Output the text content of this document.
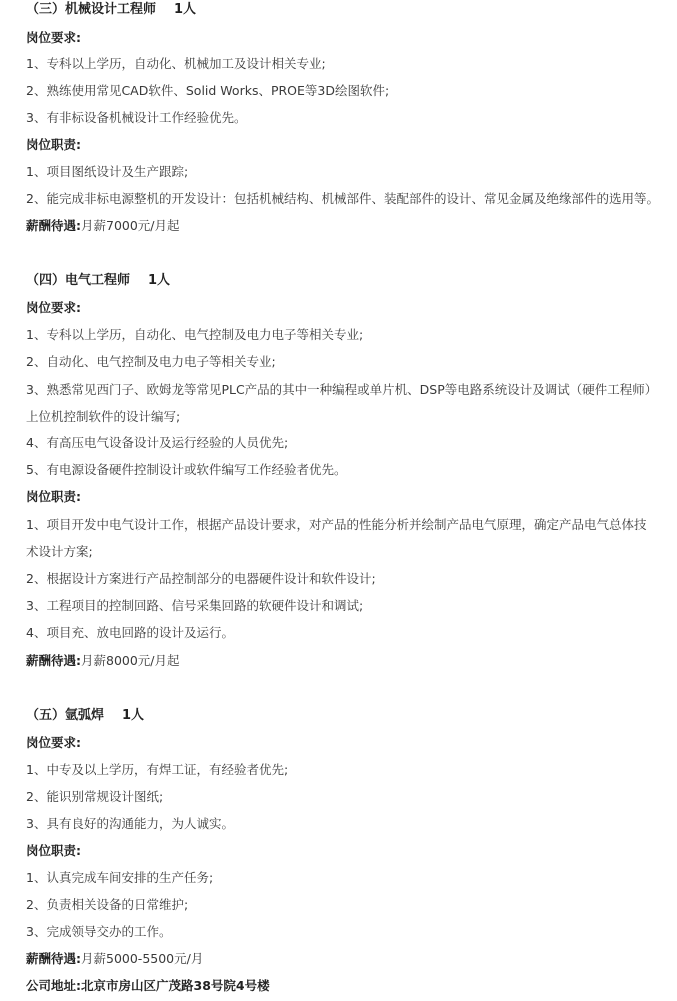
（三）机械设计工程师 1人
岗位要求:
1、专科以上学历，自动化、机械加工及设计相关专业;
2、熟练使用常见CAD软件、Solid Works、PROE等3D绘图软件;
3、有非标设备机械设计工作经验优先。
岗位职责:
1、项目图纸设计及生产跟踪;
2、能完成非标电源整机的开发设计：包括机械结构、机械部件、装配部件的设计、常见金属及绝缘部件的选用等。
薪酬待遇:月薪7000元/月起
（四）电气工程师 1人
岗位要求:
1、专科以上学历，自动化、电气控制及电力电子等相关专业;
2、自动化、电气控制及电力电子等相关专业;
3、熟悉常见西门子、欧姆龙等常见PLC产品的其中一种编程或单片机、DSP等电路系统设计及调试（硬件工程师）上位机控制软件的设计编写;
4、有高压电气设备设计及运行经验的人员优先;
5、有电源设备硬件控制设计或软件编写工作经验者优先。
岗位职责:
1、项目开发中电气设计工作，根据产品设计要求，对产品的性能分析并绘制产品电气原理，确定产品电气总体技术设计方案;
2、根据设计方案进行产品控制部分的电器硬件设计和软件设计;
3、工程项目的控制回路、信号采集回路的软硬件设计和调试;
4、项目充、放电回路的设计及运行。
薪酬待遇:月薪8000元/月起
（五）氩弧焊 1人
岗位要求:
1、中专及以上学历，有焊工证，有经验者优先;
2、能识别常规设计图纸;
3、具有良好的沟通能力，为人诚实。
岗位职责:
1、认真完成车间安排的生产任务;
2、负责相关设备的日常维护;
3、完成领导交办的工作。
薪酬待遇:月薪5000-5500元/月
公司地址:北京市房山区广茂路38号院4号楼
